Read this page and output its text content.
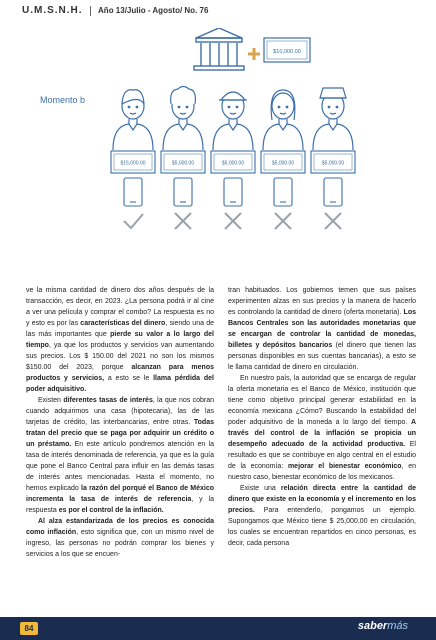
U.M.S.N.H. Año 13/Julio - Agosto/ No. 76
$10,000.00
$15,000.00	$5,000.00	$5,000.00	$5,000.00	$5,000.00
Momento b

ve la misma cantidad de dinero dos años después de la transacción, es decir, en 2023. ¿La persona podrá ir al cine a ver una película y comprar el combo? La respuesta es no y esto es por las características del dinero, siendo una de las más importantes que pierde su valor a lo largo del tiempo, ya que los productos y servicios van aumentando sus precios. Los $ 150.00 del 2021 no son los mismos $150.00 del 2023, porque alcanzan para menos productos y servicios, a esto se le llama pérdida del poder adquisitivo.

Existen diferentes tasas de interés, la que nos cobran cuando adquirimos una casa (hipotecaria), las de las tarjetas de crédito, las interbancarias, entre otras. Todas tratan del precio que se paga por adquirir un crédito o un préstamo. En este artículo pondremos atención en la tasa de interés denominada de referencia, ya que es la guía que pone el Banco Central para influir en las demás tasas de interés antes mencionadas. Hasta el momento, no hemos explicado la razón del porqué el Banco de México incrementa la tasa de interés de referencia, y la respuesta es por el control de la inflación.

Al alza estandarizada de los precios es conocida como inflación, esto significa que, con un mismo nivel de ingreso, las personas no podrán comprar los bienes y servicios a los que se encuen-

tran habituados. Los gobiernos temen que sus países experimenten alzas en sus precios y la manera de hacerlo es controlando la cantidad de dinero (oferta monetaria). Los Bancos Centrales son las autoridades monetarias que se encargan de controlar la cantidad de monedas, billetes y depósitos bancarios (el dinero que tienen las personas disponibles en sus cuentas bancarias), a esto se le llama cantidad de dinero en circulación.

En nuestro país, la autoridad que se encarga de regular la oferta monetaria es el Banco de México, institución que tiene como objetivo principal generar estabilidad en la economía mexicana ¿Cómo? Buscando la estabilidad del poder adquisitivo de la moneda a lo largo del tiempo. A través del control de la inflación se propicia un desempeño adecuado de la actividad productiva. El resultado es que se contribuye en algo central en el estudio de la economía: mejorar el bienestar económico, en nuestro caso, bienestar económico de los mexicanos.

Existe una relación directa entre la cantidad de dinero que existe en la economía y el incremento en los precios. Para entenderlo, pongamos un ejemplo. Supongamos que México tiene $ 25,000.00 en circulación, los cuales se encuentran repartidos en cinco personas, es decir, cada persona

84	sabermás
